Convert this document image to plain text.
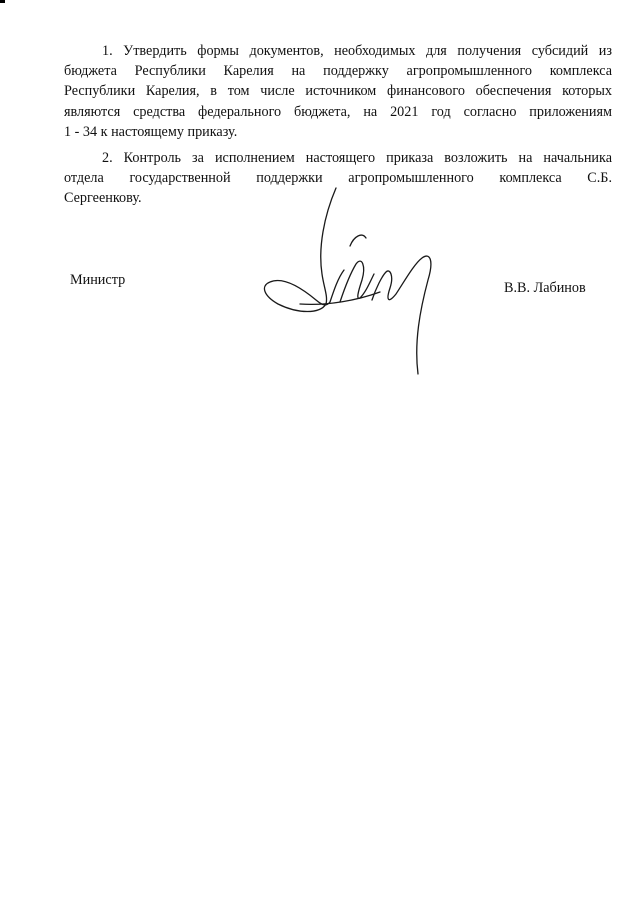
1. Утвердить формы документов, необходимых для получения субсидий из
бюджета Республики Карелия на поддержку агропромышленного комплекса
Республики Карелия, в том числе источником финансового обеспечения которых
являются средства федерального бюджета, на 2021 год согласно приложениям
1 - 34 к настоящему приказу.
2. Контроль за исполнением настоящего приказа возложить на начальника
отдела государственной поддержки агропромышленного комплекса С.Б.
Сергеенкову.
Министр	В.В. Лабинов
